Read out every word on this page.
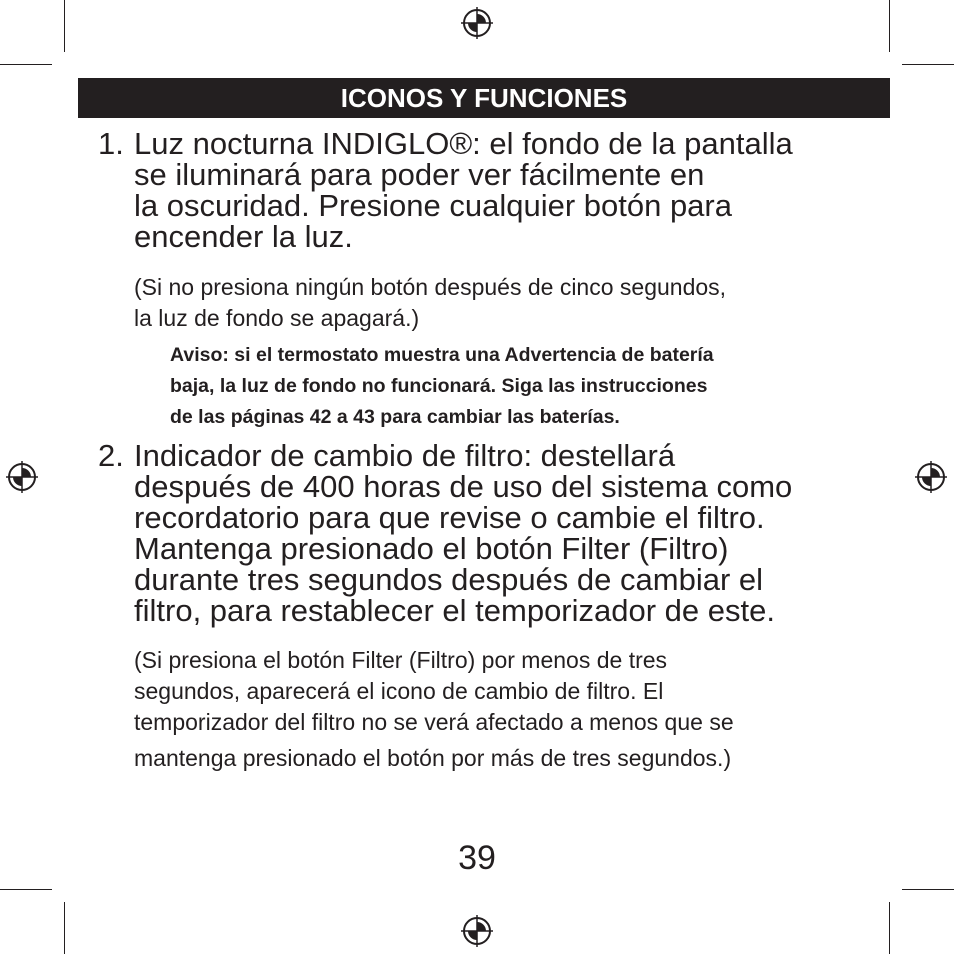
ICONOS Y FUNCIONES
1. Luz nocturna INDIGLO®: el fondo de la pantalla
se iluminará para poder ver fácilmente en
la oscuridad. Presione cualquier botón para
encender la luz.
(Si no presiona ningún botón después de cinco segundos,
la luz de fondo se apagará.)
Aviso: si el termostato muestra una Advertencia de batería
baja, la luz de fondo no funcionará. Siga las instrucciones
de las páginas 42 a 43 para cambiar las baterías.
2. Indicador de cambio de filtro: destellará
después de 400 horas de uso del sistema como
recordatorio para que revise o cambie el filtro.
Mantenga presionado el botón Filter (Filtro)
durante tres segundos después de cambiar el
filtro, para restablecer el temporizador de este.
(Si presiona el botón Filter (Filtro) por menos de tres
segundos, aparecerá el icono de cambio de filtro. El
temporizador del filtro no se verá afectado a menos que se
mantenga presionado el botón por más de tres segundos.)
39
